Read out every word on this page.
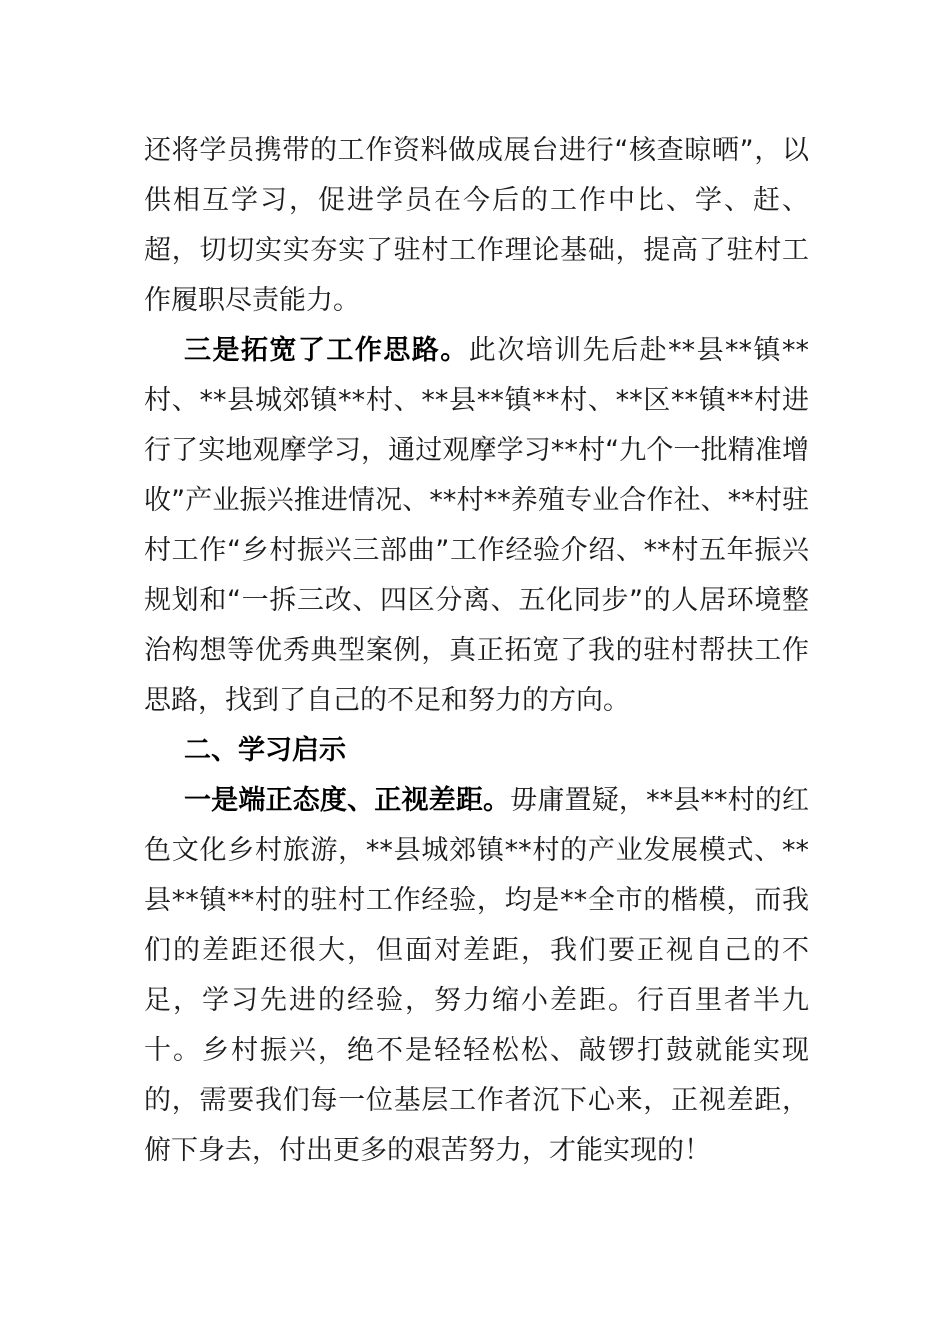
还将学员携带的工作资料做成展台进行“核查晾晒”，以供相互学习，促进学员在今后的工作中比、学、赶、超，切切实实夯实了驻村工作理论基础，提高了驻村工作履职尽责能力。

三是拓宽了工作思路。此次培训先后赴**县**镇**村、**县城郊镇**村、**县**镇**村、**区**镇**村进行了实地观摩学习，通过观摩学习**村“九个一批精准增收”产业振兴推进情况、**村**养殖专业合作社、**村驻村工作“乡村振兴三部曲”工作经验介绍、**村五年振兴规划和“一拆三改、四区分离、五化同步”的人居环境整治构想等优秀典型案例，真正拓宽了我的驻村帮扶工作思路，找到了自己的不足和努力的方向。

二、学习启示

一是端正态度、正视差距。毋庸置疑，**县**村的红色文化乡村旅游，**县城郊镇**村的产业发展模式、**县**镇**村的驻村工作经验，均是**全市的楷模，而我们的差距还很大，但面对差距，我们要正视自己的不足，学习先进的经验，努力缩小差距。行百里者半九十。乡村振兴，绝不是轻轻松松、敲锣打鼓就能实现的，需要我们每一位基层工作者沉下心来，正视差距，俯下身去，付出更多的艰苦努力，才能实现的！
